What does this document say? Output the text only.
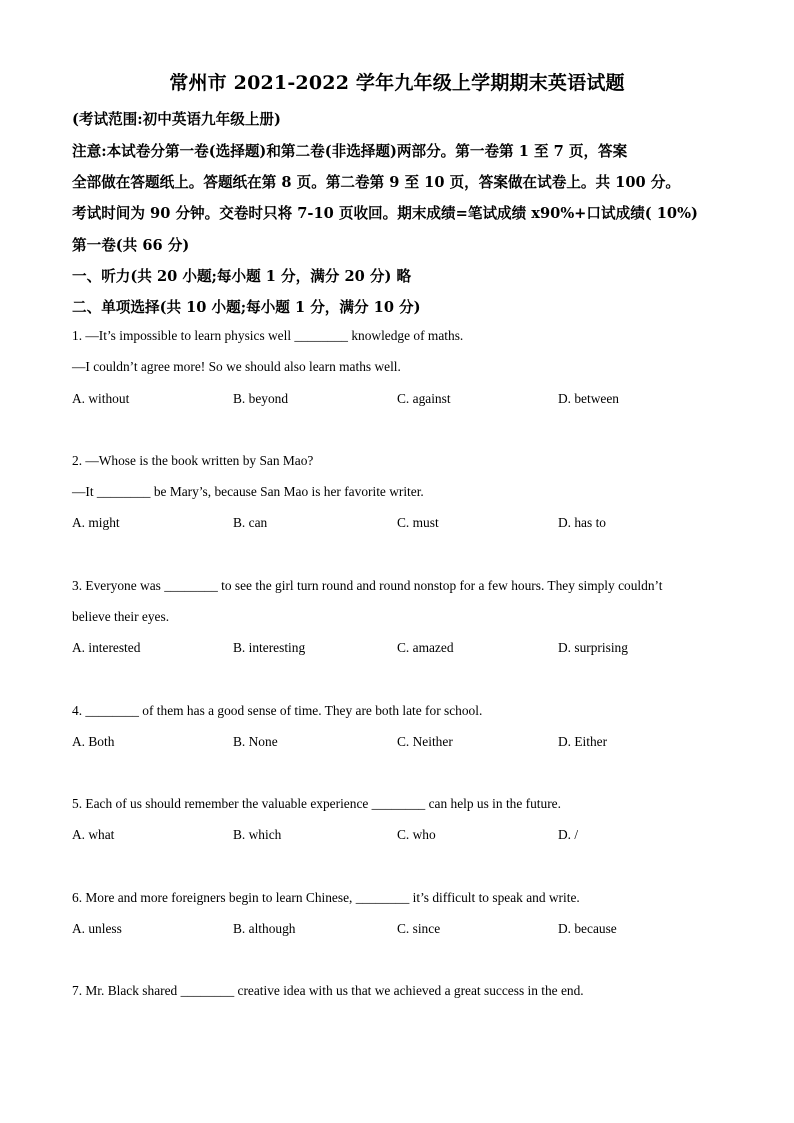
常州市 2021-2022 学年九年级上学期期末英语试题
(考试范围:初中英语九年级上册)
注意:本试卷分第一卷(选择题)和第二卷(非选择题)两部分。第一卷第 1 至 7 页，答案
全部做在答题纸上。答题纸在第 8 页。第二卷第 9 至 10 页，答案做在试卷上。共 100 分。
考试时间为 90 分钟。交卷时只将 7-10 页收回。期末成绩=笔试成绩 x90%+口试成绩( 10%)
第一卷(共 66 分)
一、听力(共 20 小题;每小题 1 分，满分 20 分) 略
二、单项选择(共 10 小题;每小题 1 分，满分 10 分)
1. —It’s impossible to learn physics well ________ knowledge of maths.
—I couldn’t agree more! So we should also learn maths well.
A. without	B. beyond	C. against	D. between
2. —Whose is the book written by San Mao?
—It ________ be Mary’s, because San Mao is her favorite writer.
A. might	B. can	C. must	D. has to
3. Everyone was ________ to see the girl turn round and round nonstop for a few hours. They simply couldn’t
believe their eyes.
A. interested	B. interesting	C. amazed	D. surprising
4. ________ of them has a good sense of time. They are both late for school.
A. Both	B. None	C. Neither	D. Either
5. Each of us should remember the valuable experience ________ can help us in the future.
A. what	B. which	C. who	D. /
6. More and more foreigners begin to learn Chinese, ________ it’s difficult to speak and write.
A. unless	B. although	C. since	D. because
7. Mr. Black shared ________ creative idea with us that we achieved a great success in the end.
